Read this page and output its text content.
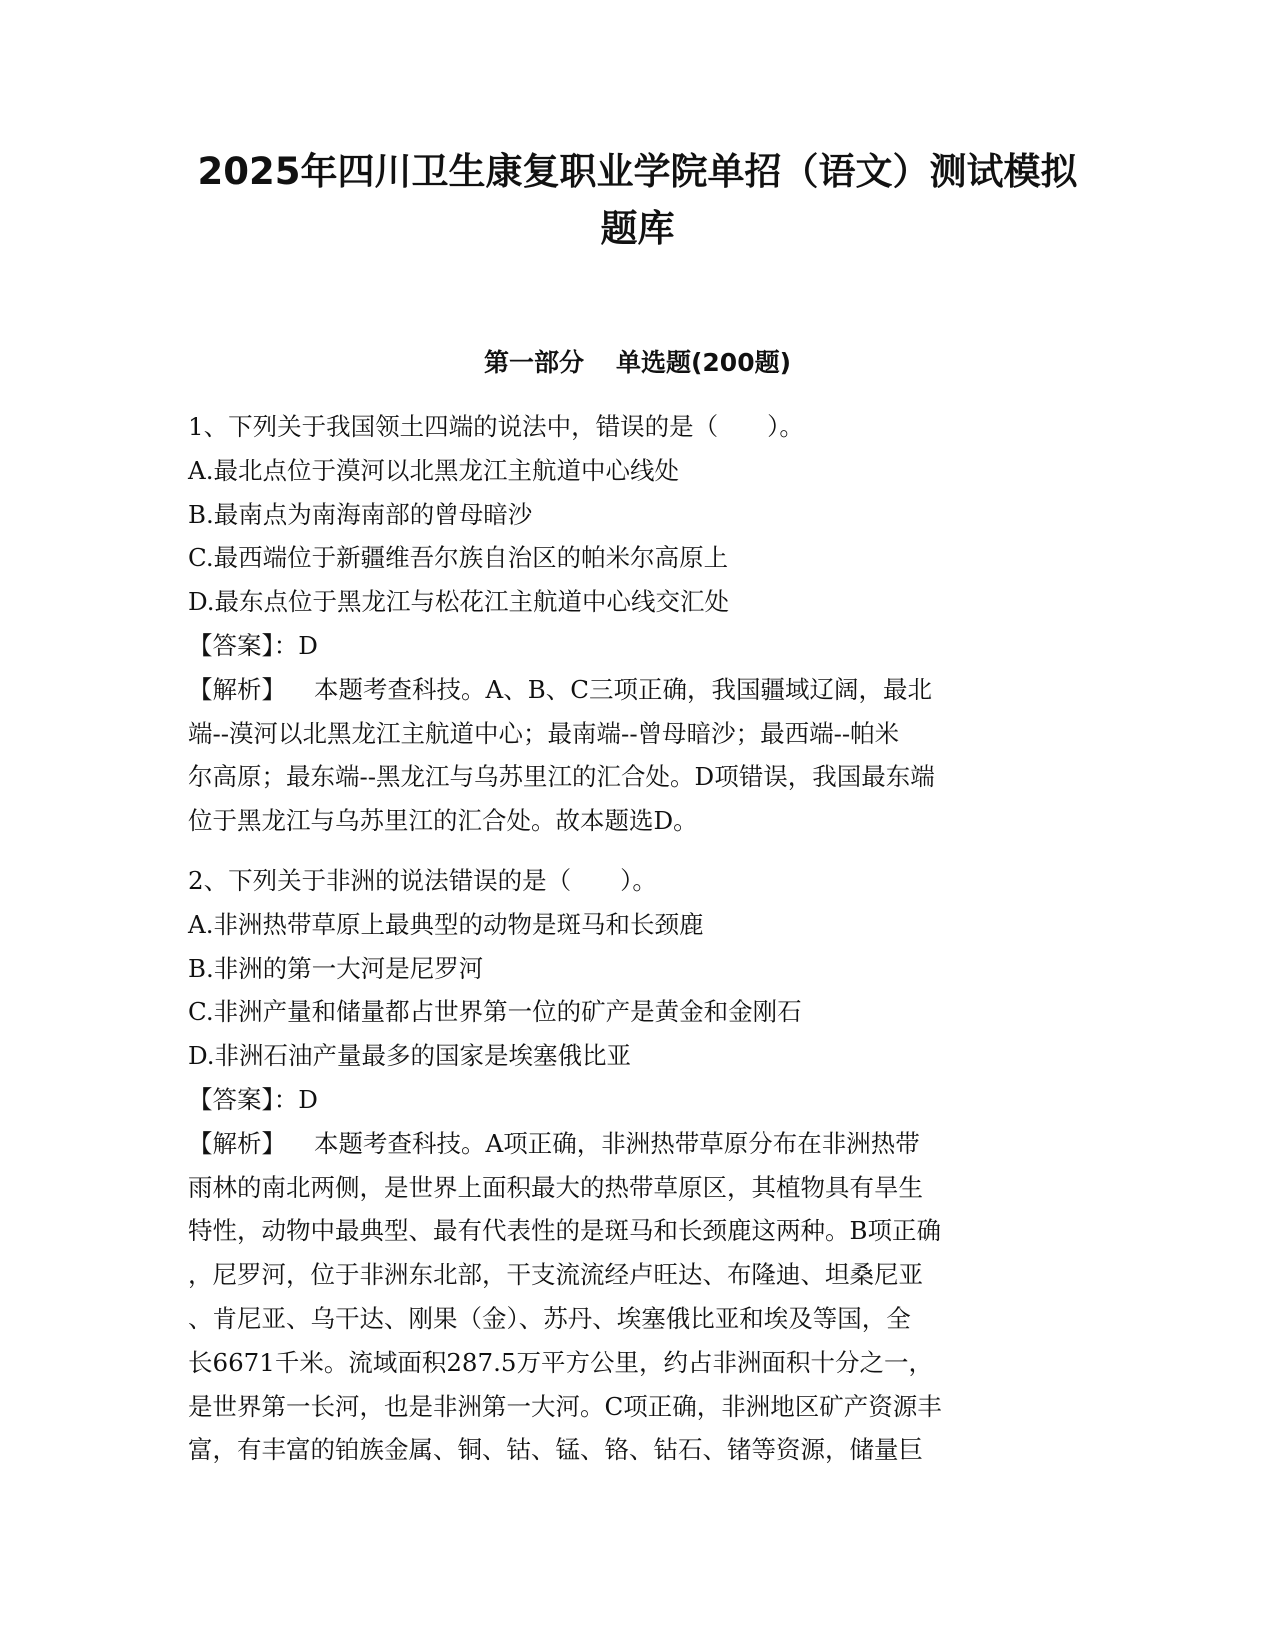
2025年四川卫生康复职业学院单招（语文）测试模拟
题库
第一部分 单选题(200题)

1、下列关于我国领土四端的说法中，错误的是（　　）。

A.最北点位于漠河以北黑龙江主航道中心线处

B.最南点为南海南部的曾母暗沙

C.最西端位于新疆维吾尔族自治区的帕米尔高原上

D.最东点位于黑龙江与松花江主航道中心线交汇处

【答案】：D

【解析】 本题考查科技。A、B、C三项正确，我国疆域辽阔，最北

端--漠河以北黑龙江主航道中心；最南端--曾母暗沙；最西端--帕米

尔高原；最东端--黑龙江与乌苏里江的汇合处。D项错误，我国最东端

位于黑龙江与乌苏里江的汇合处。故本题选D。

2、下列关于非洲的说法错误的是（　　）。

A.非洲热带草原上最典型的动物是斑马和长颈鹿

B.非洲的第一大河是尼罗河

C.非洲产量和储量都占世界第一位的矿产是黄金和金刚石

D.非洲石油产量最多的国家是埃塞俄比亚

【答案】：D

【解析】 本题考查科技。A项正确，非洲热带草原分布在非洲热带

雨林的南北两侧，是世界上面积最大的热带草原区，其植物具有旱生

特性，动物中最典型、最有代表性的是斑马和长颈鹿这两种。B项正确

，尼罗河，位于非洲东北部，干支流流经卢旺达、布隆迪、坦桑尼亚

、肯尼亚、乌干达、刚果（金）、苏丹、埃塞俄比亚和埃及等国，全

长6671千米。流域面积287.5万平方公里，约占非洲面积十分之一，

是世界第一长河，也是非洲第一大河。C项正确，非洲地区矿产资源丰

富，有丰富的铂族金属、铜、钴、锰、铬、钻石、锗等资源，储量巨
